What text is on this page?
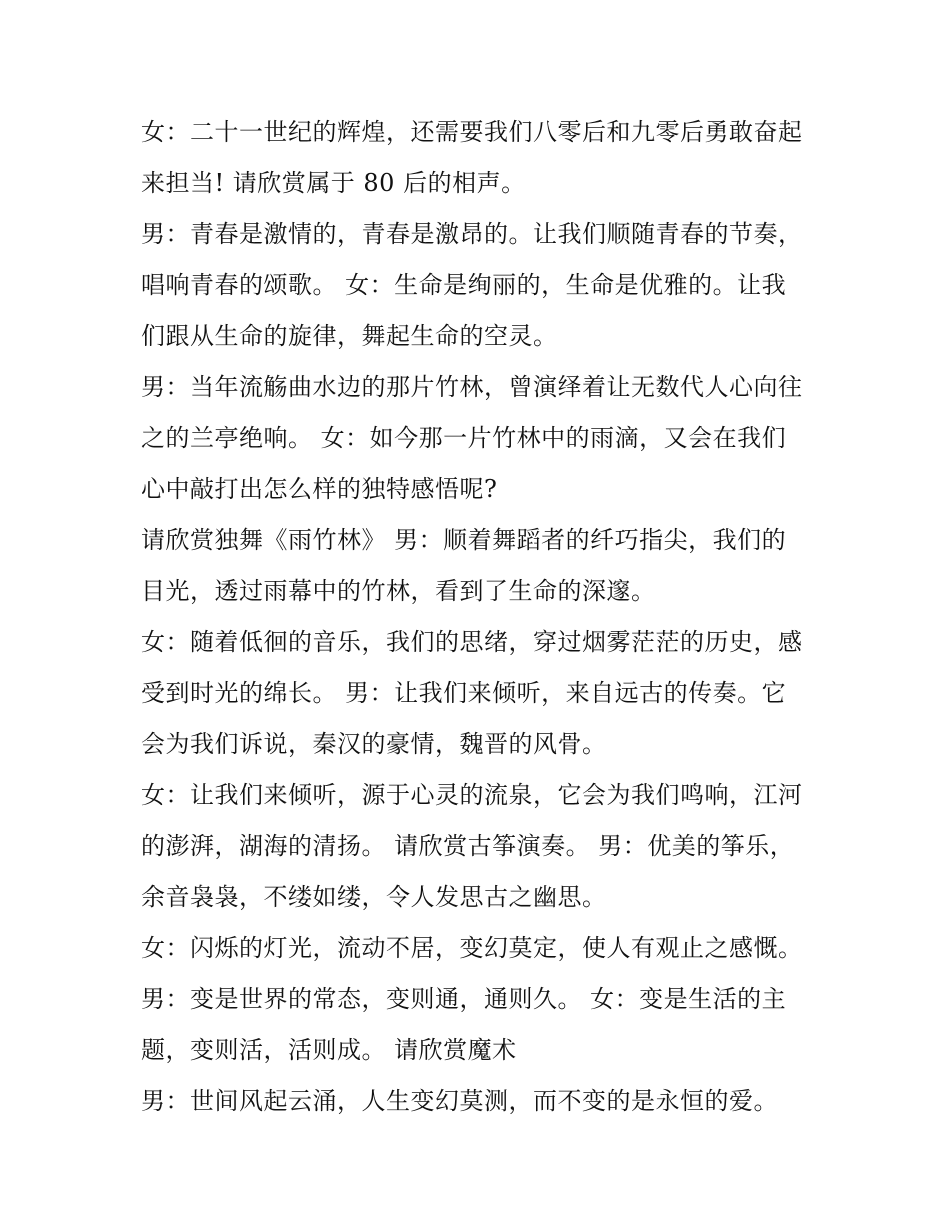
女：二十一世纪的辉煌，还需要我们八零后和九零后勇敢奋起
来担当! 请欣赏属于 80 后的相声。
男：青春是激情的，青春是激昂的。让我们顺随青春的节奏，
唱响青春的颂歌。 女：生命是绚丽的，生命是优雅的。让我
们跟从生命的旋律，舞起生命的空灵。
男：当年流觞曲水边的那片竹林，曾演绎着让无数代人心向往
之的兰亭绝响。 女：如今那一片竹林中的雨滴，又会在我们
心中敲打出怎么样的独特感悟呢?
请欣赏独舞《雨竹林》 男：顺着舞蹈者的纤巧指尖，我们的
目光，透过雨幕中的竹林，看到了生命的深邃。
女：随着低徊的音乐，我们的思绪，穿过烟雾茫茫的历史，感
受到时光的绵长。 男：让我们来倾听，来自远古的传奏。它
会为我们诉说，秦汉的豪情，魏晋的风骨。
女：让我们来倾听，源于心灵的流泉，它会为我们鸣响，江河
的澎湃，湖海的清扬。 请欣赏古筝演奏。 男：优美的筝乐，
余音袅袅，不缕如缕，令人发思古之幽思。
女：闪烁的灯光，流动不居，变幻莫定，使人有观止之感慨。
男：变是世界的常态，变则通，通则久。 女：变是生活的主
题，变则活，活则成。 请欣赏魔术
男：世间风起云涌，人生变幻莫测，而不变的是永恒的爱。
